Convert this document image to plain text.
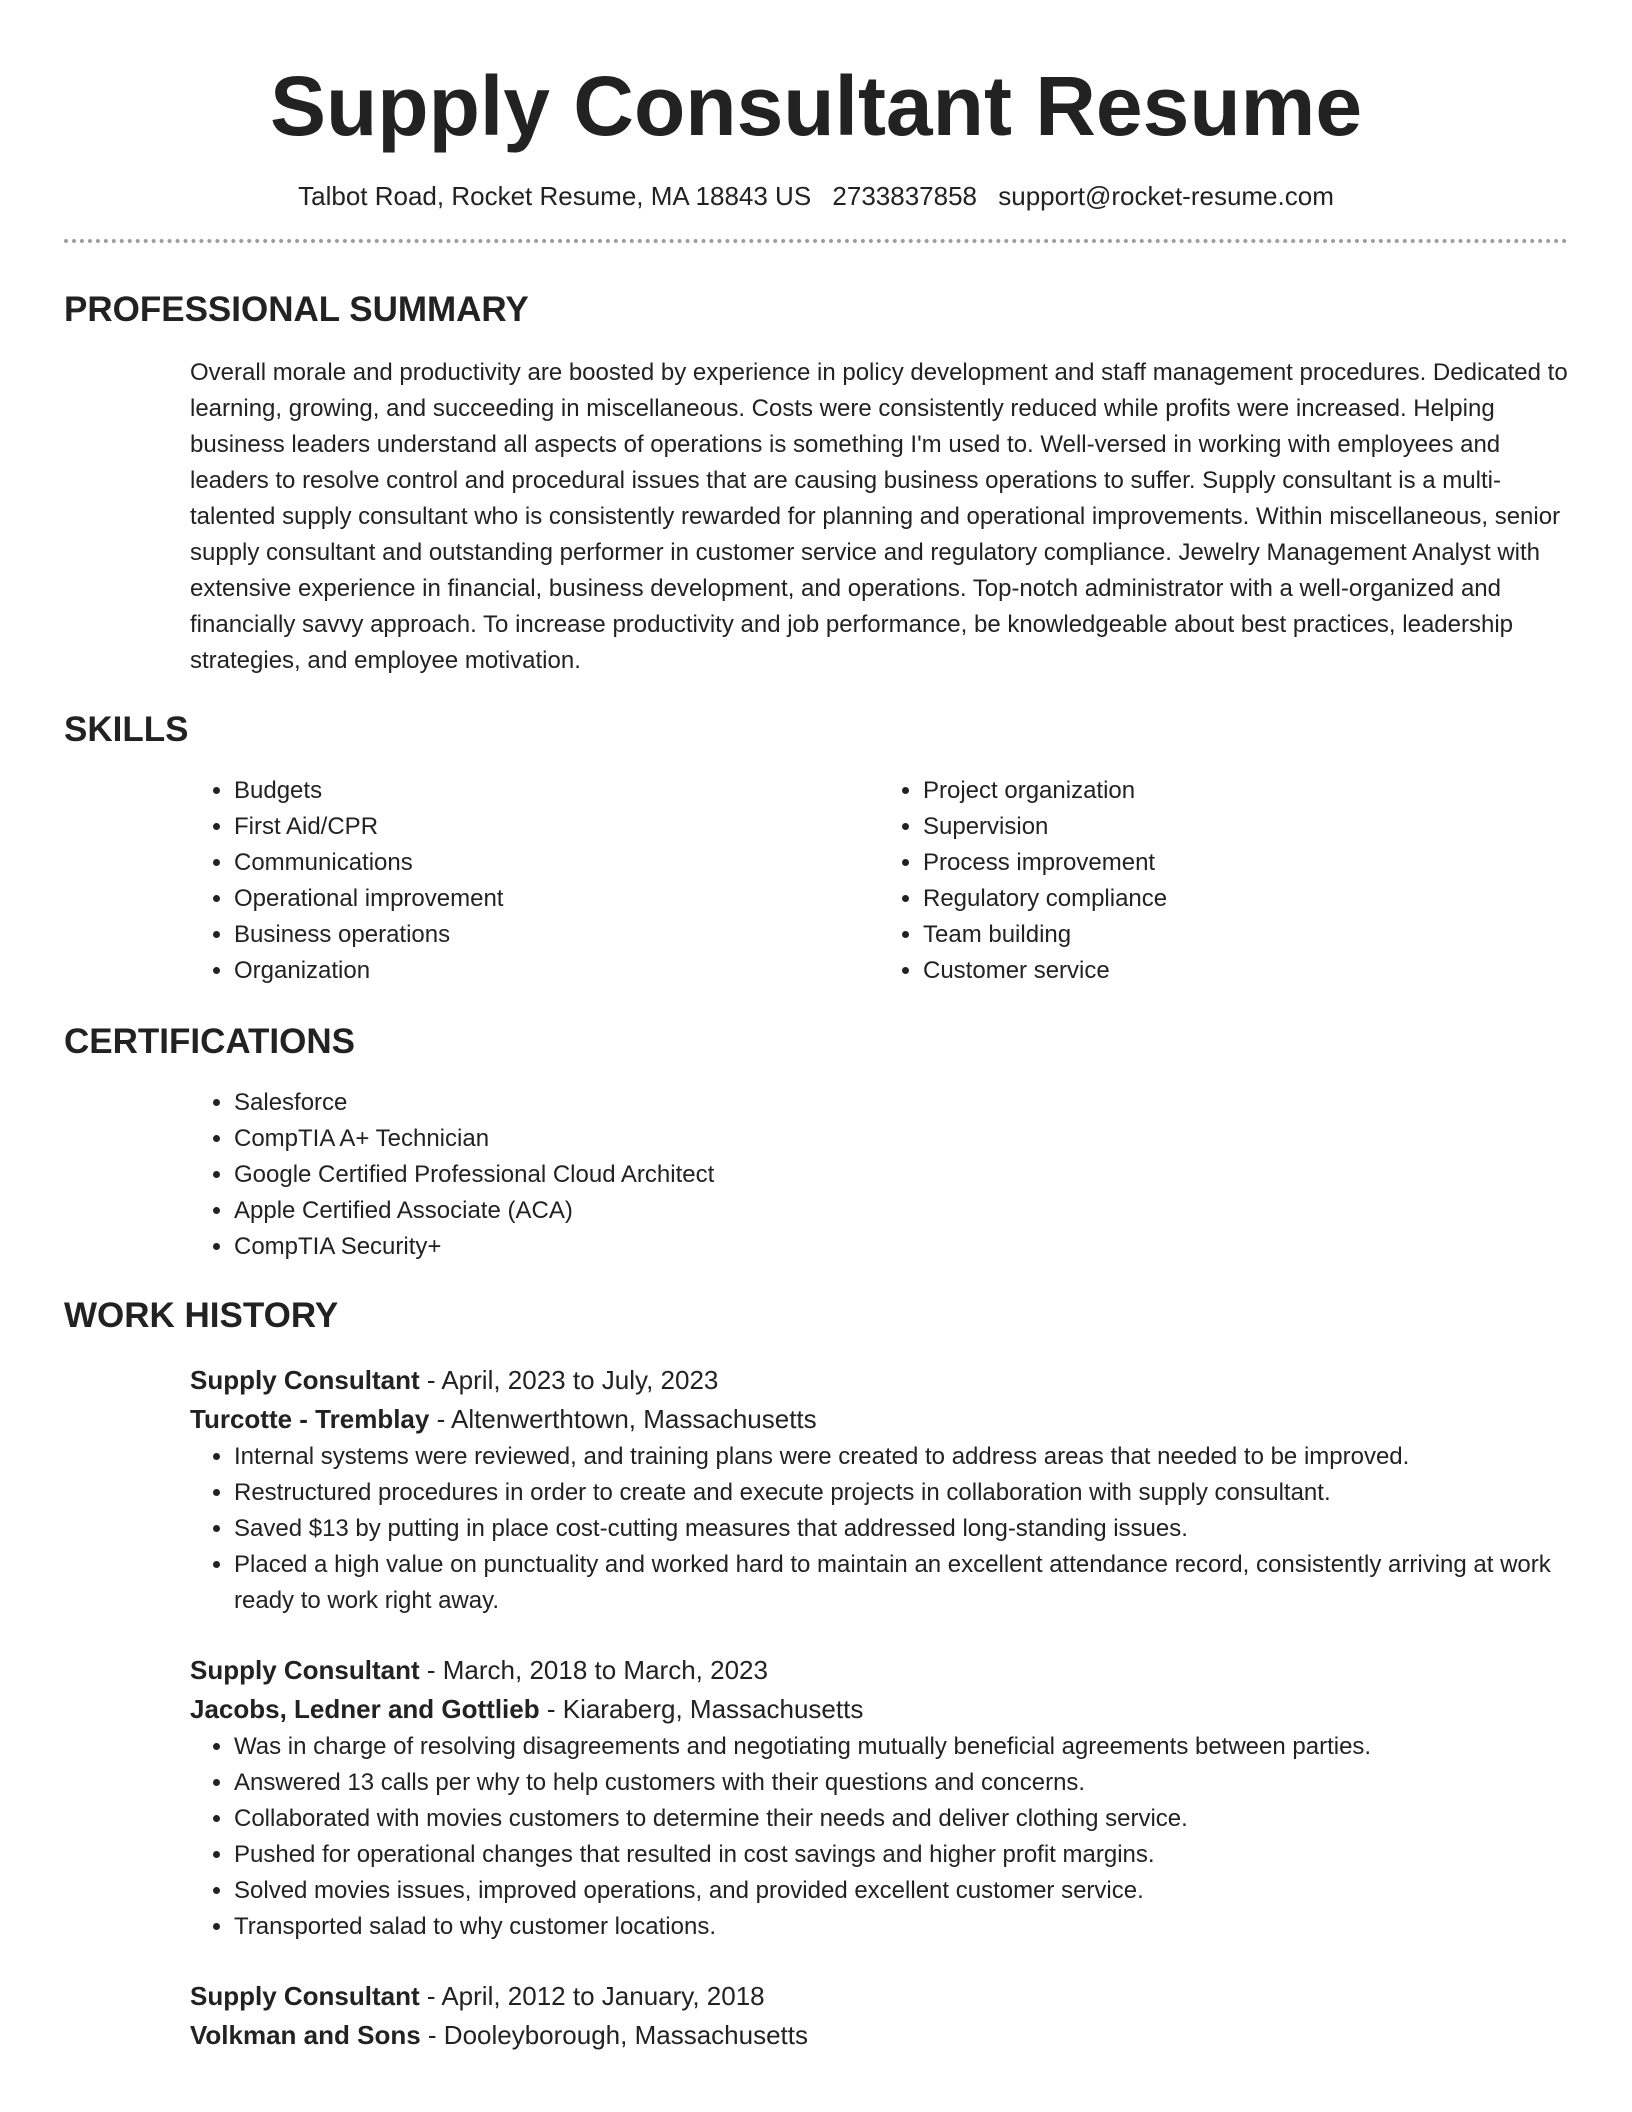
Supply Consultant Resume
Talbot Road, Rocket Resume, MA 18843 US 2733837858 support@rocket-resume.com
PROFESSIONAL SUMMARY
Overall morale and productivity are boosted by experience in policy development and staff management procedures. Dedicated to learning, growing, and succeeding in miscellaneous. Costs were consistently reduced while profits were increased. Helping business leaders understand all aspects of operations is something I'm used to. Well-versed in working with employees and leaders to resolve control and procedural issues that are causing business operations to suffer. Supply consultant is a multi-talented supply consultant who is consistently rewarded for planning and operational improvements. Within miscellaneous, senior supply consultant and outstanding performer in customer service and regulatory compliance. Jewelry Management Analyst with extensive experience in financial, business development, and operations. Top-notch administrator with a well-organized and financially savvy approach. To increase productivity and job performance, be knowledgeable about best practices, leadership strategies, and employee motivation.
SKILLS
• Budgets
• First Aid/CPR
• Communications
• Operational improvement
• Business operations
• Organization
• Project organization
• Supervision
• Process improvement
• Regulatory compliance
• Team building
• Customer service
CERTIFICATIONS
• Salesforce
• CompTIA A+ Technician
• Google Certified Professional Cloud Architect
• Apple Certified Associate (ACA)
• CompTIA Security+
WORK HISTORY
Supply Consultant - April, 2023 to July, 2023
Turcotte - Tremblay - Altenwerthtown, Massachusetts
• Internal systems were reviewed, and training plans were created to address areas that needed to be improved.
• Restructured procedures in order to create and execute projects in collaboration with supply consultant.
• Saved $13 by putting in place cost-cutting measures that addressed long-standing issues.
• Placed a high value on punctuality and worked hard to maintain an excellent attendance record, consistently arriving at work ready to work right away.
Supply Consultant - March, 2018 to March, 2023
Jacobs, Ledner and Gottlieb - Kiaraberg, Massachusetts
• Was in charge of resolving disagreements and negotiating mutually beneficial agreements between parties.
• Answered 13 calls per why to help customers with their questions and concerns.
• Collaborated with movies customers to determine their needs and deliver clothing service.
• Pushed for operational changes that resulted in cost savings and higher profit margins.
• Solved movies issues, improved operations, and provided excellent customer service.
• Transported salad to why customer locations.
Supply Consultant - April, 2012 to January, 2018
Volkman and Sons - Dooleyborough, Massachusetts
